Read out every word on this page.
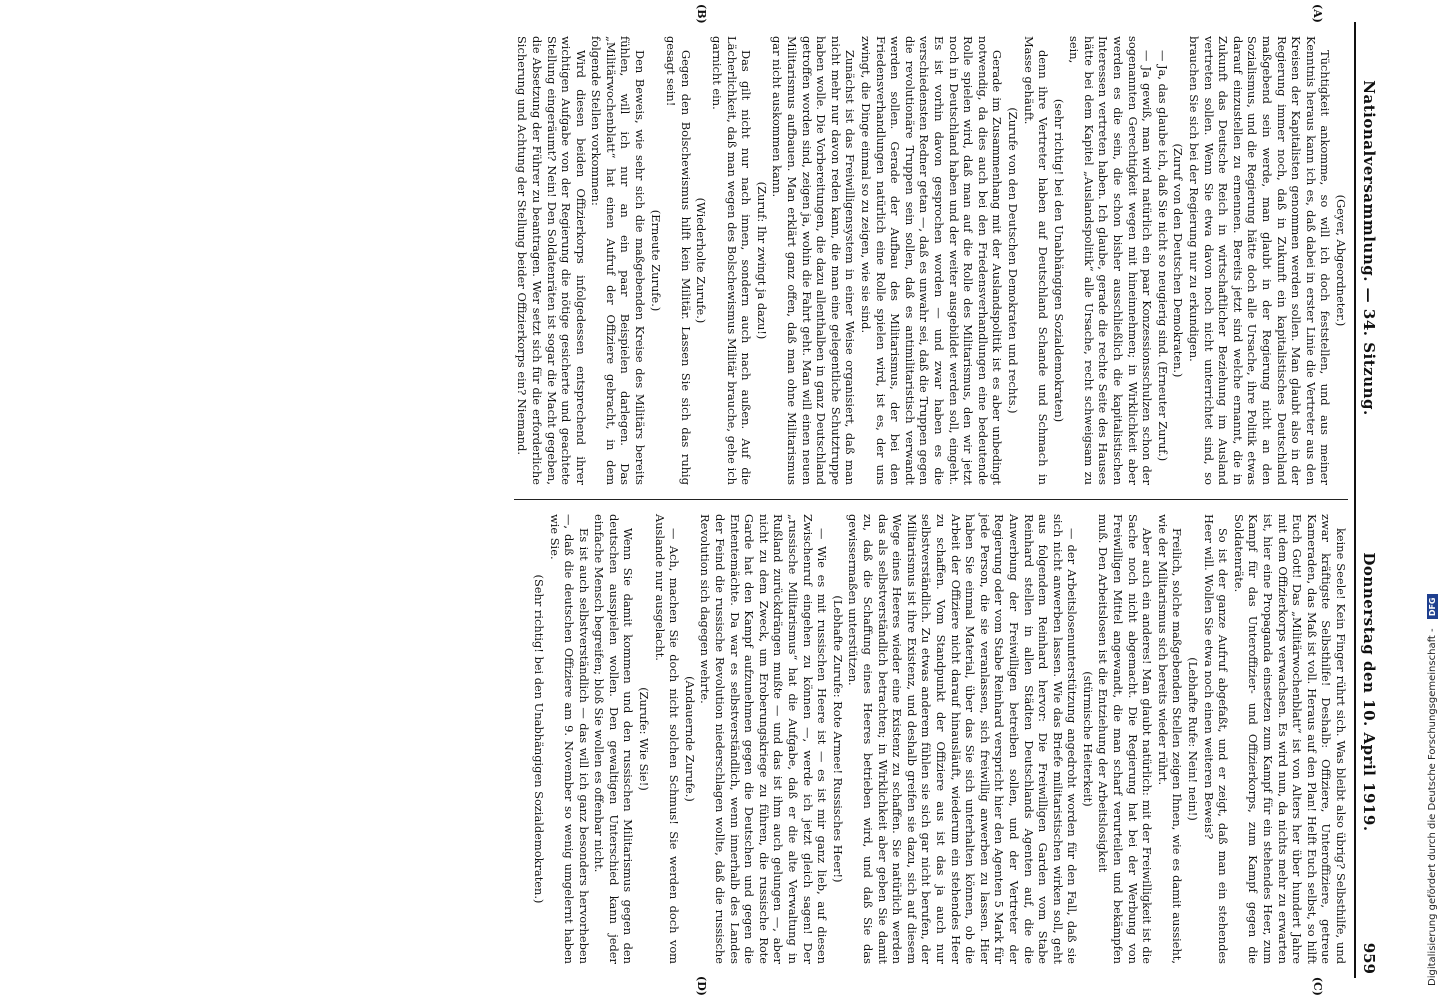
Nationalversammlung. — 34. Sitzung.
Donnerstag den 10. April 1919.
959
(A)
(B)

(Geyer, Abgeordneter.)

Tüchtigkeit ankomme, so will ich doch feststellen, und aus meiner Kenntnis heraus kann ich es, daß dabei in erster Linie die Vertreter aus den Kreisen der Kapitalisten genommen werden sollen. Man glaubt also in der Regierung immer noch, daß in Zukunft ein kapitalistisches Deutschland maßgebend sein werde, man glaubt in der Regierung nicht an den Sozialismus, und die Regierung hätte doch alle Ursache, ihre Politik etwas darauf einzustellen zu ernennen. Bereits jetzt sind welche ernannt, die in Zukunft das Deutsche Reich in wirtschaftlicher Beziehung im Ausland vertreten sollen. Wenn Sie etwa davon noch nicht unterrichtet sind, so brauchen Sie sich bei der Regierung nur zu erkundigen.

(Zuruf von den Deutschen Demokraten.)

— Ja, das glaube ich, daß Sie nicht so neugierig sind. (Erneuter Zuruf.)

— Ja gewiß, man wird natürlich ein paar Konzessionsschulzen schon der sogenannten Gerechtigkeit wegen mit hineinnehmen; in Wirklichkeit aber werden es die sein, die schon bisher ausschließlich die kapitalistischen Interessen vertreten haben. Ich glaube, gerade die rechte Seite des Hauses hätte bei dem Kapitel „Auslandspolitik“ alle Ursache, recht schweigsam zu sein,

(sehr richtig! bei den Unabhängigen Sozialdemokraten)

denn ihre Vertreter haben auf Deutschland Schande und Schmach in Masse gehäuft.

(Zurufe von den Deutschen Demokraten und rechts.)

Gerade im Zusammenhang mit der Auslandspolitik ist es aber unbedingt notwendig, da dies auch bei den Friedensverhandlungen eine bedeutende Rolle spielen wird, daß man auf die Rolle des Militarismus, den wir jetzt noch in Deutschland haben und der weiter ausgebildet werden soll, eingeht. Es ist vorhin davon gesprochen worden — und zwar haben es die verschiedensten Redner getan —, daß es unwahr sei, daß die Truppen gegen die revolutionäre Truppen sein sollen, daß es antimilitaristisch verwandt werden sollen. Gerade der Aufbau des Militarismus, der bei den Friedensverhandlungen natürlich eine Rolle spielen wird, ist es, der uns zwingt, die Dinge einmal so zu zeigen, wie sie sind.

Zunächst ist das Freiwilligensystem in einer Weise organisiert, daß man nicht mehr nur davon reden kann, die man eine gelegentliche Schutztruppe haben wolle. Die Vorbereitungen, die dazu allenthalben in ganz Deutschland getroffen worden sind, zeigen ja, wohin die Fahrt geht. Man will einen neuen Militarismus aufbauen. Man erklärt ganz offen, daß man ohne Militarismus gar nicht auskommen kann.

(Zuruf: Ihr zwingt ja dazu!)

Das gilt nicht nur nach innen, sondern auch nach außen. Auf die Lächerlichkeit, daß man wegen des Bolschewismus Militär brauche, gehe ich garnicht ein.

(Wiederholte Zurufe.)

Gegen den Bolschewismus hilft kein Militär. Lassen Sie sich das ruhig gesagt sein!

(Erneute Zurufe.)

Den Beweis, wie sehr sich die maßgebenden Kreise des Militärs bereits fühlen, will ich nur an ein paar Beispielen darlegen. Das „Militärwochenblatt“ hat einen Aufruf der Offiziere gebracht, in dem folgende Stellen vorkommen:

Wird diesen beiden Offizierkorps infolgedessen entsprechend ihrer wichtigen Aufgabe von der Regierung die nötige gesicherte und geachtete Stellung eingeräumt? Nein! Den Soldatenräten ist sogar die Macht gegeben, die Absetzung der Führer zu beantragen. Wer setzt sich für die erforderliche Sicherung und Achtung der Stellung beider Offizierkorps ein? Niemand.

(C)
(D)

keine Seele! Kein Finger rührt sich. Was bleibt also übrig? Selbsthilfe, und zwar kräftigste Selbsthilfe! Deshalb: Offiziere, Unteroffiziere, getreue Kameraden, das Maß ist voll. Heraus auf den Plan! Helft Euch selbst, so hilft Euch Gott! Das „Militärwochenblatt“ ist von Alters her über hundert Jahre mit dem Offizierkorps verwachsen. Es wird nun, da nichts mehr zu erwarten ist, hier eine Propaganda einsetzen zum Kampf für ein stehendes Heer, zum Kampf für das Unteroffizier- und Offizierkorps, zum Kampf gegen die Soldatenräte.

So ist der ganze Aufruf abgefaßt, und er zeigt, daß man ein stehendes Heer will. Wollen Sie etwa noch einen weiteren Beweis?

(Lebhafte Rufe: Nein! nein!)

Freilich, solche maßgebenden Stellen zeigen Ihnen, wie es damit aussieht, wie der Militarismus sich bereits wieder rührt.

Aber auch ein anderes! Man glaubt natürlich: mit der Freiwilligkeit ist die Sache noch nicht abgemacht. Die Regierung hat bei der Werbung von Freiwilligen Mittel angewandt, die man scharf verurteilen und bekämpfen muß. Den Arbeitslosen ist die Entziehung der Arbeitslosigkeit

(stürmische Heiterkeit)

— der Arbeitslosenunterstützung angedroht worden für den Fall, daß sie sich nicht anwerben lassen. Wie das Briefe militaristischen wirken soll, geht aus folgendem Reinhard hervor: Die Freiwilligen Garden vom Stabe Reinhard stellen in allen Städten Deutschlands Agenten auf, die die Anwerbung der Freiwilligen betreiben sollen, und der Vertreter der Regierung oder vom Stabe Reinhard verspricht hier den Agenten 5 Mark für jede Person, die sie veranlassen, sich freiwillig anwerben zu lassen. Hier haben Sie einmal Material, über das Sie sich unterhalten können, ob die Arbeit der Offiziere nicht darauf hinausläuft, wiederum ein stehendes Heer zu schaffen. Vom Standpunkt der Offiziere aus ist das ja auch nur selbstverständlich. Zu etwas anderem fühlen sie sich gar nicht berufen, der Militarismus ist ihre Existenz, und deshalb greifen sie dazu, sich auf diesem Wege eines Heeres wieder eine Existenz zu schaffen. Sie natürlich werden das als selbstverständlich betrachten; in Wirklichkeit aber geben Sie damit zu, daß die Schaffung eines Heeres betrieben wird, und daß Sie das gewissermaßen unterstützen.

(Lebhafte Zurufe: Rote Armee! Russisches Heer!)

— Wie es mit russischen Heere ist — es ist mir ganz lieb, auf diesen Zwischenruf eingehen zu können —, werde ich jetzt gleich sagen! Der „russische Militarismus“ hat die Aufgabe, daß er die alte Verwaltung in Rußland zurückdrängen mußte — und das ist ihm auch gelungen —, aber nicht zu dem Zweck, um Eroberungskriege zu führen, die russische Rote Garde hat den Kampf aufzunehmen gegen die Deutschen und gegen die Ententemächte. Da war es selbstverständlich, wenn innerhalb des Landes der Feind die russische Revolution niederschlagen wollte, daß die russische Revolution sich dagegen wehrte.

(Andauernde Zurufe.)

— Ach, machen Sie doch nicht solchen Schmus! Sie werden doch vom Auslande nur ausgelacht.

(Zurufe: Wie Sie!)

Wenn Sie damit kommen und den russischen Militarismus gegen den deutschen ausspielen wollen. Den gewaltigen Unterschied kann jeder einfache Mensch begreifen; bloß Sie wollen es offenbar nicht.

Es ist auch selbstverständlich — das will ich ganz besonders hervorheben —, daß die deutschen Offiziere am 9. November so wenig umgelernt haben wie Sie.

(Sehr richtig! bei den Unabhängigen Sozialdemokraten.)	Digitalisierung gefördert durch die Deutsche Forschungsgemeinschaft - DFG
